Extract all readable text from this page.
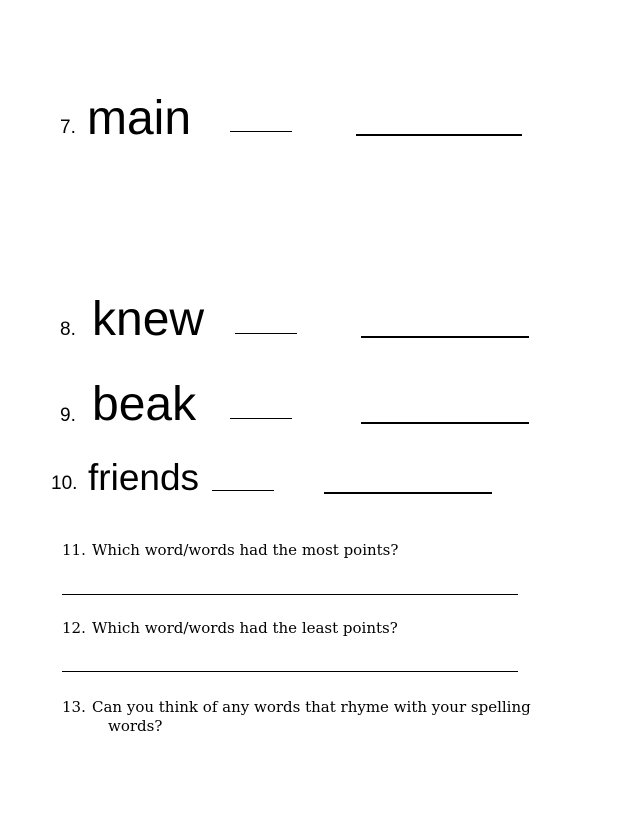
7. main
8. knew
9. beak
10. friends
11. Which word/words had the most points?
12. Which word/words had the least points?
13. Can you think of any words that rhyme with your spelling
words?
